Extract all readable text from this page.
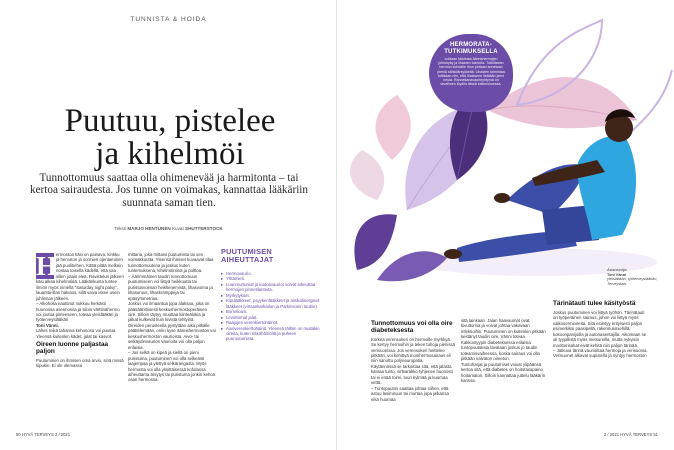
TUNNISTA & HOIDA
Puutuu, pistelee
ja kihelmöi
Tunnottomuus saattaa olla ohimenevää ja harmitonta – tai kertoa sairaudesta. Jos tunne on voimakas, kannattaa lääkäriin suunnata saman tien.
Teksti MARJO HENTUNEN Kuvat SHUTTERSTOCK
H

ermostoa käsi on painava, kinkku ja hervoton ja sormien ojentaminen jää puolitiehen. Kättä pitää melkein nostaa toisella kädellä, että saa sillen jotain eleä. Ravistelun jälkeen käsi alkaa kihelmöidä. Lääkärikunta tuntee ilmiön myös nimellä "Saturday night palsy". lauantai-illan halvaus, sillä vaiva iskee usein juhlinnan jälkeen.

– Alkoholia nauttinut nukkuu herkästi huonossa asennossa ja siloin värttinähermo voi joutua pinteeseen, toteaa yleislääkäri ja työterveyslääkäri

Toni Vänni.

Lähes mikä tahansa kehonosa voi puutua. Yleensä kuitenkin kädet, jalat tai kasvot.

Oireen luonne paljastaa paljon

Puutuminen on ihmisen oma arvio, sinä missä kipukin. Ei ole olemassa

mittaria, joka mittaisi puutumista tai sen voimakkuutta. Yleensä ihmiset kuvaavat tilaa tunnottomuutena ja joskus kuten tuntemuksena, kihelmöintinä ja polttoa.

– Äärimmäinen taudin tunnottomuus puutumiseen voi liittyä heikkoutta tai puristusvoiman heikkenemistä, lihasvoima ja lihasuruus, lihaskramppeja tai epäsymmetriaa.

Joskus voi ilmaantua jopa alaksaa, joka on pääsääntöisesti keskushermostoperäinen oire. Silloin täytyy muuttaa kiinteälokia ja jalkat kulkevat kuin kivistä tehtyinä.

Oireiden perusteella pystytään aika pitkälle päättelemään, onko kyse ääreishermoston vai keskushermoston vaurioista. Aivo- tai selkäydinvaurion vaurioita voi olla paljon erilaisia.

– Jos selkä on kipeä ja siellä on pieni puristuma, puutuminen voi olla selkeästi laajempaa ja ylettyä selkärangasta. Myös hermosta voi olla yksittäisessä kohdassa aiheuttama ärsytys tai puristuma jonkin kehon osan hermossa.

PUUTUMISEN AIHEUTTAJAT
▸ Hermovaurio.
▸ Yhtämieli.
▸ Luunmurtumat ja kudosvauriot voivat aiheuttaa hermojen pinnetilanteita.
▸ Myrkytykset.
▸ Kipulääkkeet, psyykenlääkkeet ja antikolinergiset lääkkeet (virtsankarkailun ja Parkinsonin tautiin).
▸ Borrelioosi.
▸ Levottomat jalat.
▸ Raajojen verenkiertohäiriöt.
▸ Aivoverenkiertohäiriö. Yleensä tällöin on muitakin oireita, kuten näköhäiriöitä ja puheen puuroutumista.
50 HYVÄ TERVEYS 2 / 2021
HERMORATA-TUTKIMUKSELLA
voidaan tarkistaa ääreishermojen johtokyky ja lihasten toiminta. Tutkittavan hermon kohdalle ihon pintaan annetaan pieniä sähköärsykkeitä. Lihasten toimintaa tutkitaan niin, että lihakseen lisätään pieni neula. Rannekanavaoireyhtymä on tavallinen löydös tässä tutkimuksessa.
Asiantuntija
Toni Vänni
yleislääkäri, työterveyslääkäri, Terveystalo.
Tunnottomuus voi olla oire diabeteksesta

Korkea verensokeri on hermoille myrkkyä. Se kertyy hermoihin ja tekee tuhoja pienissä verisuonissa. Jos verensokeri heittelee pitkään, voi kehittyä monihermosairaus eli niin sanottu polyneuropatia.

Käytännössä se tarkoittaa sitä, että jalasta katoaa tunto, virtsarakko tyhjenee huonosti tai ei enää toimi, tuun kylmää ja kuumaa vettä.

– Tuntopuutos saattaa johtaa siihen, että astuu lasimiruun tai murtaa jopa jalkansa eikä huomaa

sitä lainkaan. Jalan haavaumat ovat kivuttomia ja voivat johtaa vakavaan infektioihin. Puutuminen on kuitenkin pitkään kestänyt taudin oire, Vänni toteaa.

Kakkostyypin diabeteksessa erilaisia tuntopuutoksia tavataan joskus jo taudin toteamisvaiheessa, koska sairaus voi olla pitkään vaivaton oireeton.

Tuntoharjat ja puutumiset voivat ylipäänsä kertoa sitä, että diabetes on hoitotasapaino hoitamaton. Silloin kannattaa juttelu lääkärin kanssa.

Tärinätauti tulee käsityöstä

Joskus puutuminen voi liittyä työhön. Tärinätauti on työperäinen sairaus, johon voi liittyä myös valkosormioireita. Sitä esiintyy erityisesti paljon esimerkiksi paasipellä, rakennusmiehillä, kokoonpanijoilla ja autonasentajilla. Aikomaan se oli tyypillistä myös metsureilla, mutta nykyisin moottorisahat eivät kehitä niin paljon tärinää.

– Jatkuva tärinä vaurioittaa hermoja ja verisuonia. Verisuonet alkavat supistella ja syntyy hermoston

2 / 2021 HYVÄ TERVEYS 51
